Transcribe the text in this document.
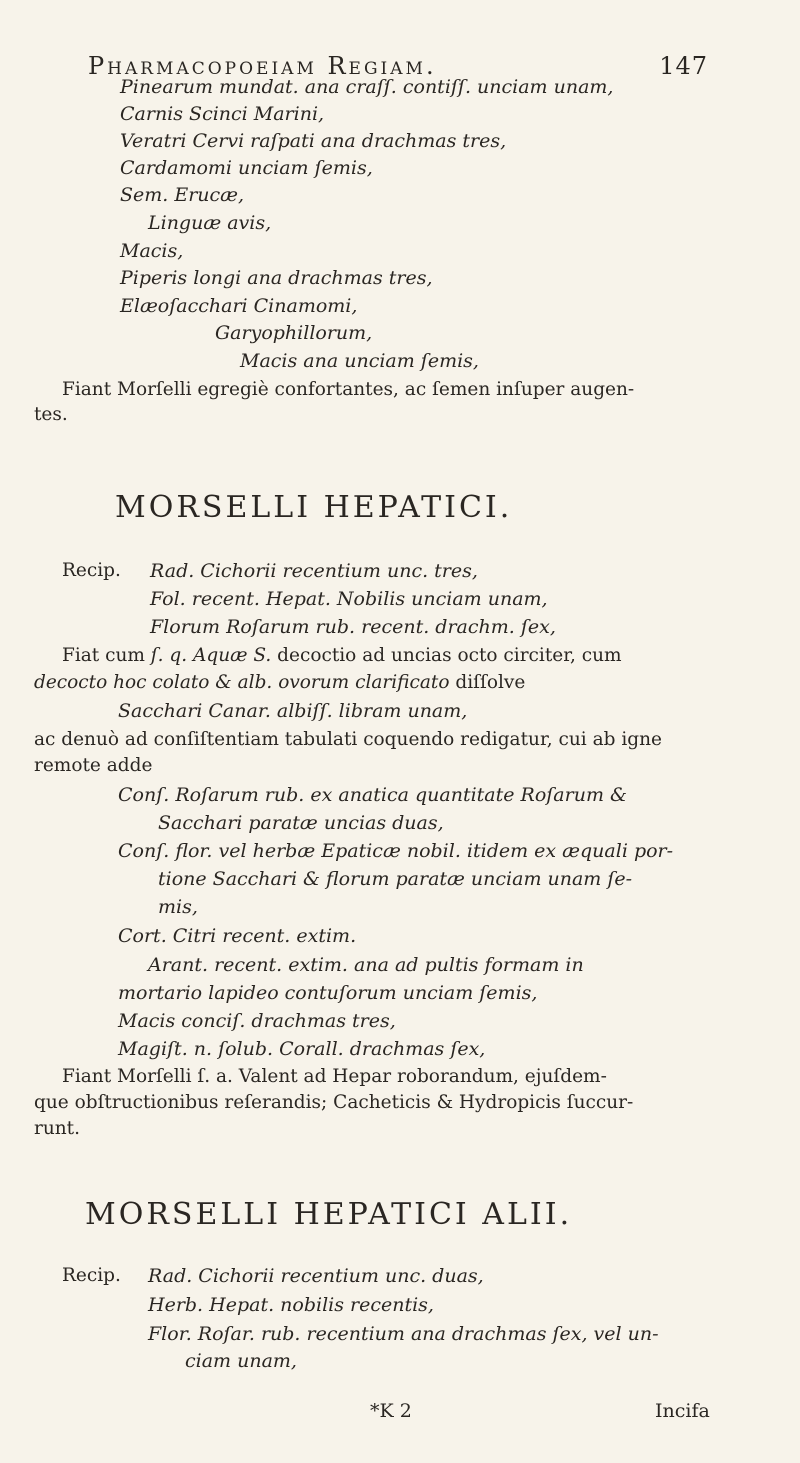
Pharmacopoeiam Regiam.	147
Pinearum mundat. ana craſſ. contiſſ. unciam unam,
Carnis Scinci Marini,
Veratri Cervi raſpati ana drachmas tres,
Cardamomi unciam ſemis,
Sem. Erucæ,
Linguæ avis,
Macis,
Piperis longi ana drachmas tres,
Elæoſacchari Cinamomi,
Garyophillorum,
Macis ana unciam ſemis,
Fiant Morſelli egregiè confortantes, ac ſemen inſuper augen-
tes.
MORSELLI HEPATICI.
Recip. Rad. Cichorii recentium unc. tres,
Fol. recent. Hepat. Nobilis unciam unam,
Florum Roſarum rub. recent. drachm. ſex,
Fiat cum ſ. q. Aquæ S. decoctio ad uncias octo circiter, cum
decocto hoc colato & alb. ovorum clarificato diſſolve
Sacchari Canar. albiſſ. libram unam,
ac denuò ad conſiſtentiam tabulati coquendo redigatur, cui ab igne
remote adde
Conſ. Roſarum rub. ex anatica quantitate Roſarum &
Sacchari paratæ uncias duas,
Conſ. flor. vel herbæ Epaticæ nobil. itidem ex æquali por-
tione Sacchari & florum paratæ unciam unam ſe-
mis,
Cort. Citri recent. extim.
Arant. recent. extim. ana ad pultis formam in
mortario lapideo contuſorum unciam ſemis,
Macis conciſ. drachmas tres,
Magiſt. n. ſolub. Corall. drachmas ſex,
Fiant Morſelli ſ. a. Valent ad Hepar roborandum, ejuſdem-
que obſtructionibus reſerandis; Cacheticis & Hydropicis ſuccur-
runt.
MORSELLI HEPATICI ALII.
Recip. Rad. Cichorii recentium unc. duas,
Herb. Hepat. nobilis recentis,
Flor. Roſar. rub. recentium ana drachmas ſex, vel un-
ciam unam,
*K 2	Incifa
